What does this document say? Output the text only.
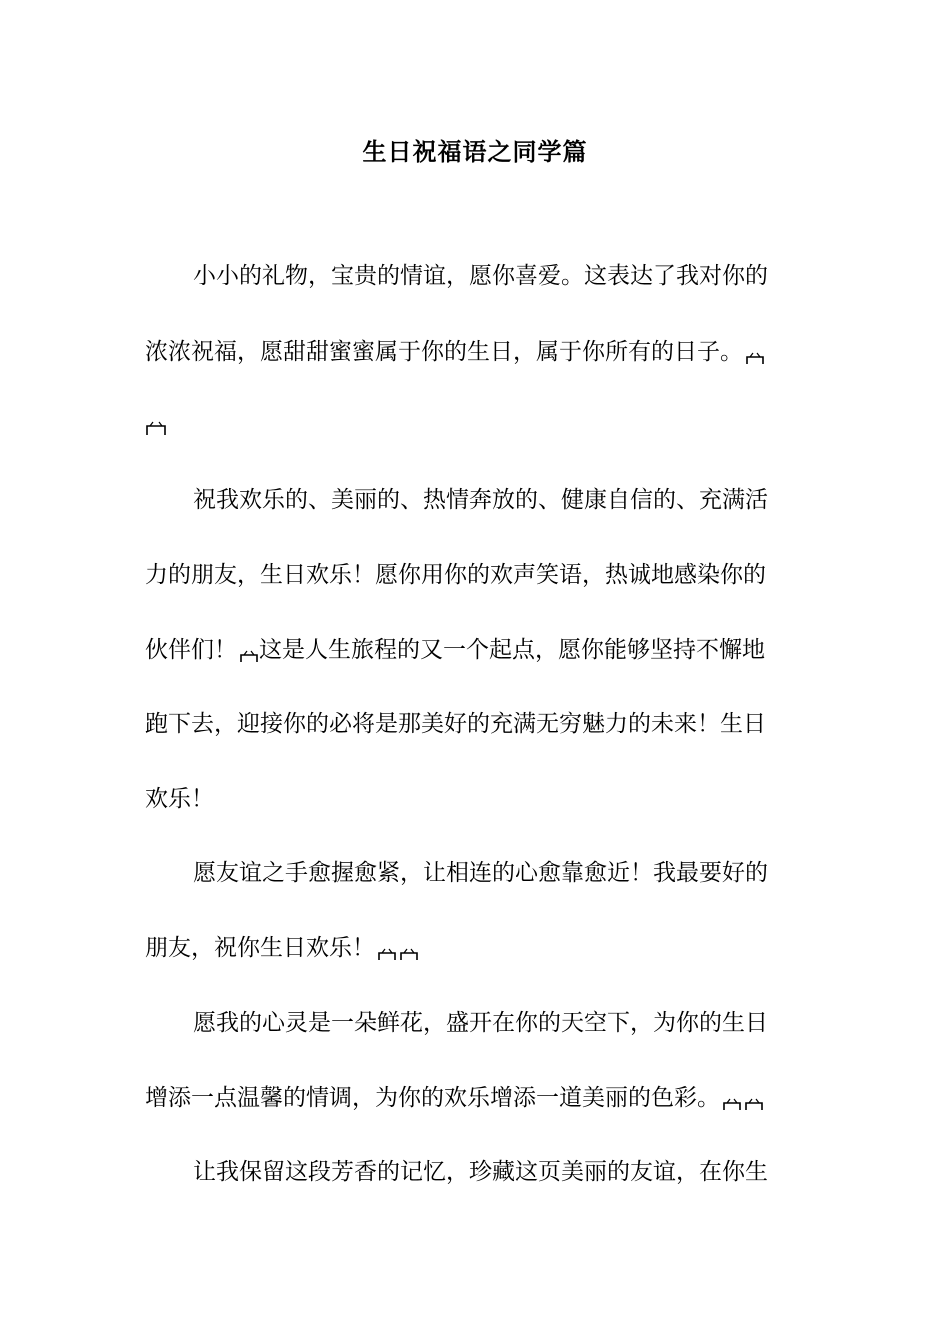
生日祝福语之同学篇

小小的礼物，宝贵的情谊，愿你喜爱。这表达了我对你的

浓浓祝福，愿甜甜蜜蜜属于你的生日，属于你所有的日子。

祝我欢乐的、美丽的、热情奔放的、健康自信的、充满活

力的朋友，生日欢乐！愿你用你的欢声笑语，热诚地感染你的

伙伴们！ 这是人生旅程的又一个起点，愿你能够坚持不懈地

跑下去，迎接你的必将是那美好的充满无穷魅力的未来！生日

欢乐！

愿友谊之手愈握愈紧，让相连的心愈靠愈近！我最要好的

朋友，祝你生日欢乐！

愿我的心灵是一朵鲜花，盛开在你的天空下，为你的生日

增添一点温馨的情调，为你的欢乐增添一道美丽的色彩。

让我保留这段芳香的记忆，珍藏这页美丽的友谊，在你生
